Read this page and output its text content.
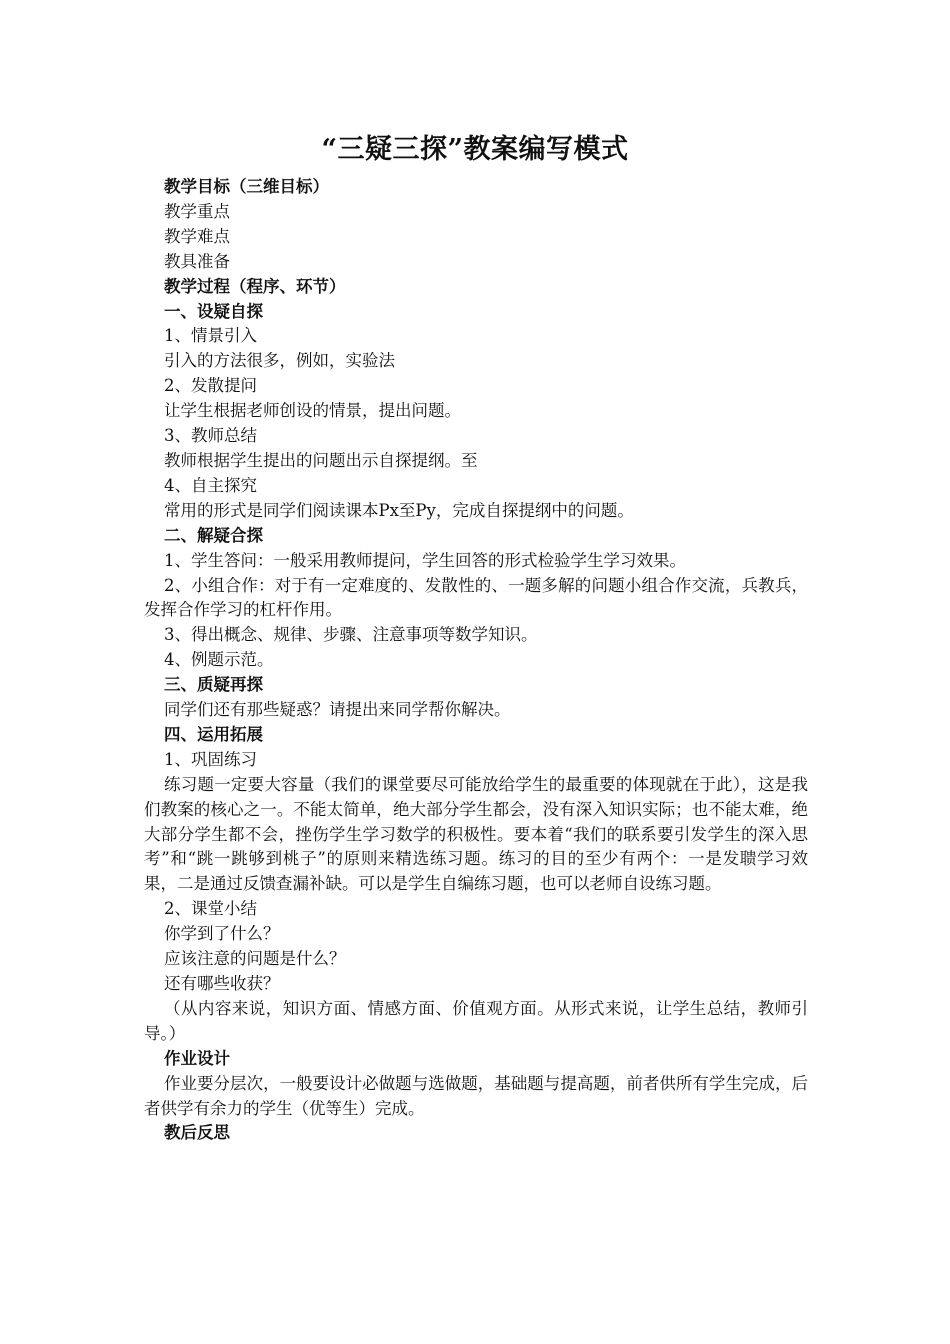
“三疑三探”教案编写模式

教学目标（三维目标）

教学重点

教学难点

教具准备

教学过程（程序、环节）

一、设疑自探

1、情景引入

引入的方法很多，例如，实验法

2、发散提问

让学生根据老师创设的情景，提出问题。

3、教师总结

教师根据学生提出的问题出示自探提纲。至

4、自主探究

常用的形式是同学们阅读课本Px至Py，完成自探提纲中的问题。

二、解疑合探

1、学生答问：一般采用教师提问，学生回答的形式检验学生学习效果。

2、小组合作：对于有一定难度的、发散性的、一题多解的问题小组合作交流，兵教兵，发挥合作学习的杠杆作用。

3、得出概念、规律、步骤、注意事项等数学知识。

4、例题示范。

三、质疑再探

同学们还有那些疑惑？请提出来同学帮你解决。

四、运用拓展

1、巩固练习

练习题一定要大容量（我们的课堂要尽可能放给学生的最重要的体现就在于此），这是我们教案的核心之一。不能太简单，绝大部分学生都会，没有深入知识实际；也不能太难，绝大部分学生都不会，挫伤学生学习数学的积极性。要本着“我们的联系要引发学生的深入思考”和“跳一跳够到桃子”的原则来精选练习题。练习的目的至少有两个：一是发聩学习效果，二是通过反馈查漏补缺。可以是学生自编练习题，也可以老师自设练习题。

2、课堂小结

你学到了什么？

应该注意的问题是什么？

还有哪些收获？

（从内容来说，知识方面、情感方面、价值观方面。从形式来说，让学生总结，教师引导。）

作业设计

作业要分层次，一般要设计必做题与选做题，基础题与提高题，前者供所有学生完成，后者供学有余力的学生（优等生）完成。

教后反思
